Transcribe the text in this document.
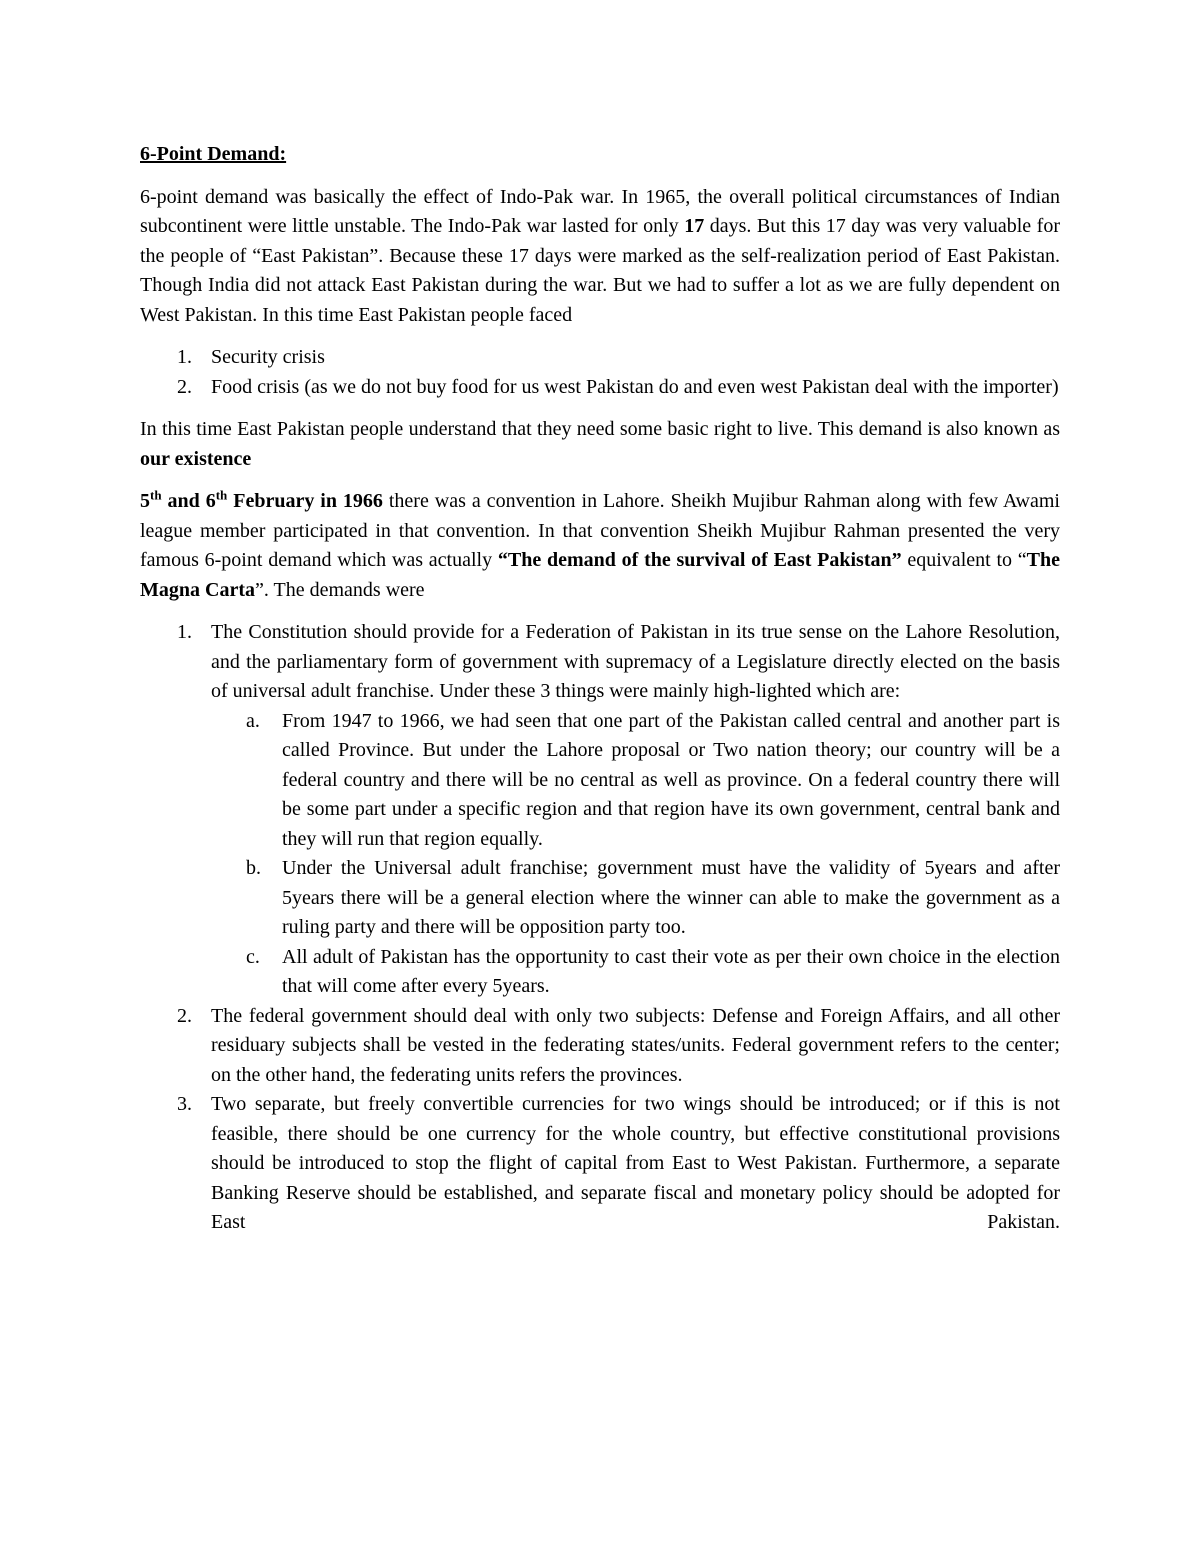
6-Point Demand:

6-point demand was basically the effect of Indo-Pak war. In 1965, the overall political circumstances of Indian subcontinent were little unstable. The Indo-Pak war lasted for only 17 days. But this 17 day was very valuable for the people of “East Pakistan”. Because these 17 days were marked as the self-realization period of East Pakistan. Though India did not attack East Pakistan during the war. But we had to suffer a lot as we are fully dependent on West Pakistan. In this time East Pakistan people faced

1. Security crisis
2. Food crisis (as we do not buy food for us west Pakistan do and even west Pakistan deal with the importer)

In this time East Pakistan people understand that they need some basic right to live. This demand is also known as our existence

5th and 6th February in 1966 there was a convention in Lahore. Sheikh Mujibur Rahman along with few Awami league member participated in that convention. In that convention Sheikh Mujibur Rahman presented the very famous 6-point demand which was actually “The demand of the survival of East Pakistan” equivalent to “The Magna Carta”. The demands were

1. The Constitution should provide for a Federation of Pakistan in its true sense on the Lahore Resolution, and the parliamentary form of government with supremacy of a Legislature directly elected on the basis of universal adult franchise. Under these 3 things were mainly high-lighted which are:
a. From 1947 to 1966, we had seen that one part of the Pakistan called central and another part is called Province. But under the Lahore proposal or Two nation theory; our country will be a federal country and there will be no central as well as province. On a federal country there will be some part under a specific region and that region have its own government, central bank and they will run that region equally.
b. Under the Universal adult franchise; government must have the validity of 5years and after 5years there will be a general election where the winner can able to make the government as a ruling party and there will be opposition party too.
c. All adult of Pakistan has the opportunity to cast their vote as per their own choice in the election that will come after every 5years.
2. The federal government should deal with only two subjects: Defense and Foreign Affairs, and all other residuary subjects shall be vested in the federating states/units. Federal government refers to the center; on the other hand, the federating units refers the provinces.
3. Two separate, but freely convertible currencies for two wings should be introduced; or if this is not feasible, there should be one currency for the whole country, but effective constitutional provisions should be introduced to stop the flight of capital from East to West Pakistan. Furthermore, a separate Banking Reserve should be established, and separate fiscal and monetary policy should be adopted for East Pakistan.
